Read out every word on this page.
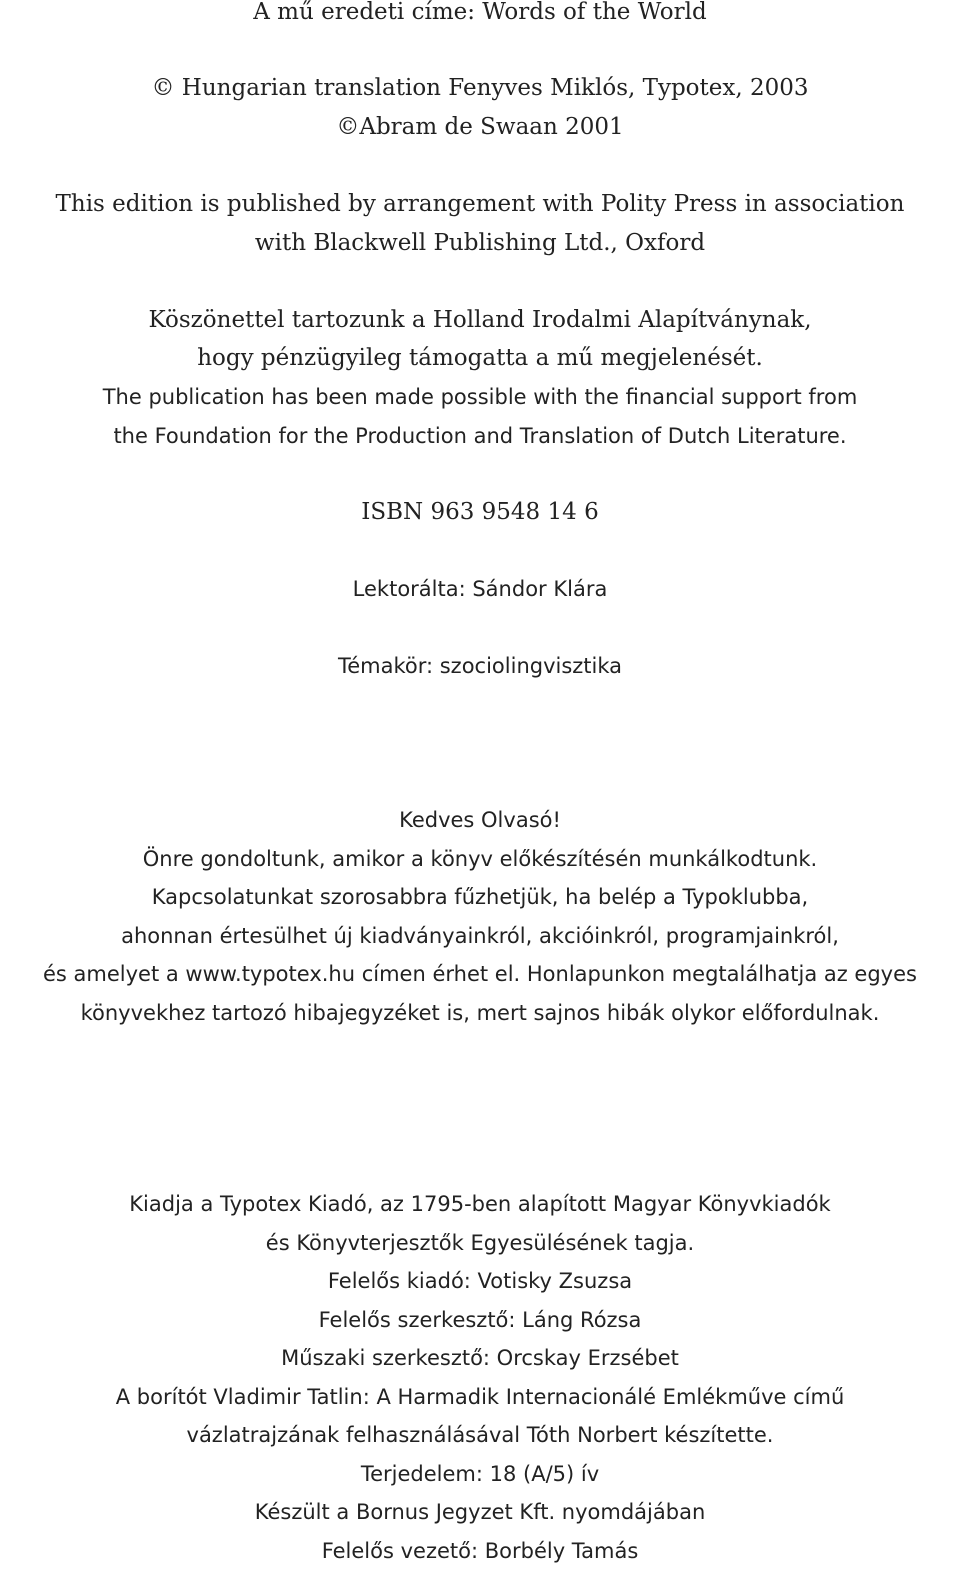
A mű eredeti címe: Words of the World

© Hungarian translation Fenyves Miklós, Typotex, 2003

©Abram de Swaan 2001

This edition is published by arrangement with Polity Press in association

with Blackwell Publishing Ltd., Oxford

Köszönettel tartozunk a Holland Irodalmi Alapítványnak,

hogy pénzügyileg támogatta a mű megjelenését.

The publication has been made possible with the financial support from

the Foundation for the Production and Translation of Dutch Literature.

ISBN 963 9548 14 6

Lektorálta: Sándor Klára

Témakör: szociolingvisztika

Kedves Olvasó!

Önre gondoltunk, amikor a könyv előkészítésén munkálkodtunk.

Kapcsolatunkat szorosabbra fűzhetjük, ha belép a Typoklubba,

ahonnan értesülhet új kiadványainkról, akcióinkról, programjainkról,

és amelyet a www.typotex.hu címen érhet el. Honlapunkon megtalálhatja az egyes

könyvekhez tartozó hibajegyzéket is, mert sajnos hibák olykor előfordulnak.

Kiadja a Typotex Kiadó, az 1795-ben alapított Magyar Könyvkiadók

és Könyvterjesztők Egyesülésének tagja.

Felelős kiadó: Votisky Zsuzsa

Felelős szerkesztő: Láng Rózsa

Műszaki szerkesztő: Orcskay Erzsébet

A borítót Vladimir Tatlin: A Harmadik Internacionálé Emlékműve című

vázlatrajzának felhasználásával Tóth Norbert készítette.

Terjedelem: 18 (A/5) ív

Készült a Bornus Jegyzet Kft. nyomdájában

Felelős vezető: Borbély Tamás
